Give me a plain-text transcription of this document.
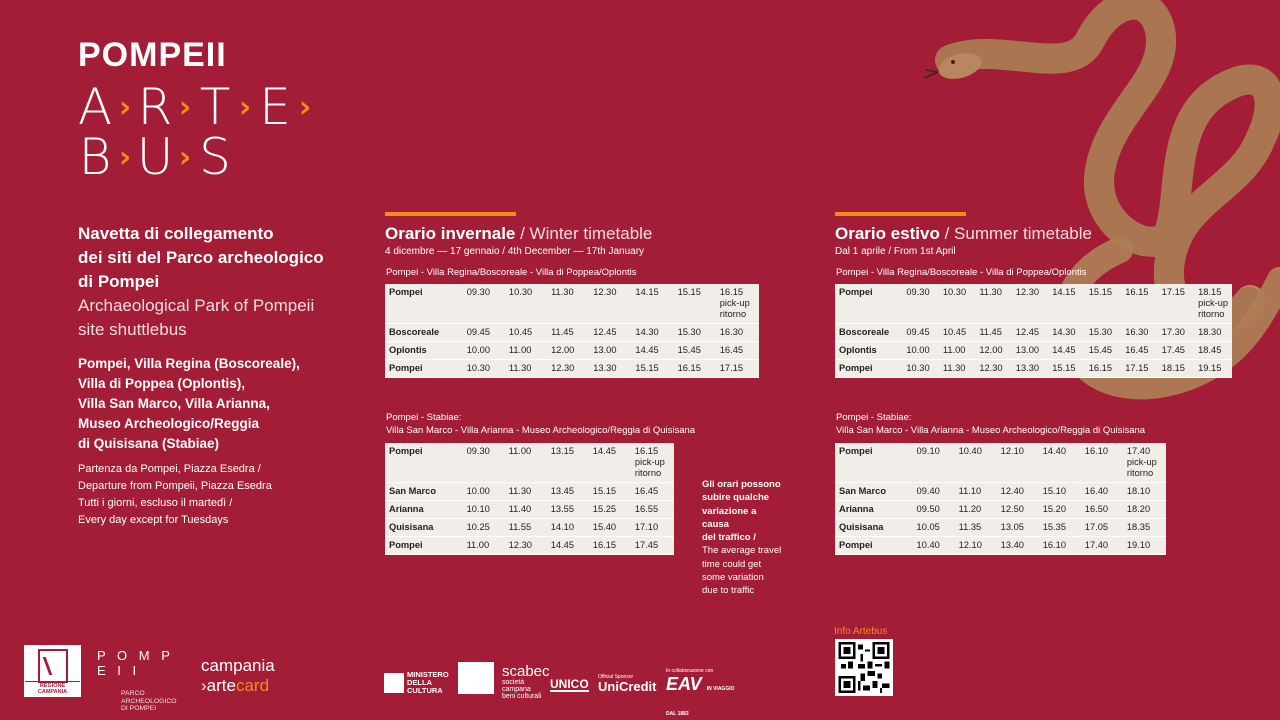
POMPEII
A › R › T › E ›
B › U › S
Navetta di collegamento
dei siti del Parco archeologico
di Pompei
Archaeological Park of Pompeii
site shuttlebus
Pompei, Villa Regina (Boscoreale),
Villa di Poppea (Oplontis),
Villa San Marco, Villa Arianna,
Museo Archeologico/Reggia
di Quisisana (Stabiae)
Partenza da Pompei, Piazza Esedra /
Departure from Pompeii, Piazza Esedra
Tutti i giorni, escluso il martedì /
Every day except for Tuesdays
Orario invernale / Winter timetable
4 dicembre — 17 gennaio / 4th December — 17th January
Pompei - Villa Regina/Boscoreale - Villa di Poppea/Oplontis
Pompei	09.30	10.30	11.30	12.30	14.15	15.15	16.15
pick-up
ritorno

Boscoreale	09.45	10.45	11.45	12.45	14.30	15.30	16.30

Oplontis	10.00	11.00	12.00	13.00	14.45	15.45	16.45

Pompei	10.30	11.30	12.30	13.30	15.15	16.15	17.15
Pompei - Stabiae:
Villa San Marco - Villa Arianna - Museo Archeologico/Reggia di Quisisana
Pompei	09.30	11.00	13.15	14.45	16.15
pick-up
ritorno

San Marco	10.00	11.30	13.45	15.15	16.45

Arianna	10.10	11.40	13.55	15.25	16.55

Quisisana	10.25	11.55	14.10	15.40	17.10

Pompei	11.00	12.30	14.45	16.15	17.45
Gli orari possono
subire qualche
variazione a causa
del traffico /
The average travel
time could get
some variation
due to traffic
Orario estivo / Summer timetable
Dal 1 aprile / From 1st April
Pompei - Villa Regina/Boscoreale - Villa di Poppea/Oplontis
Pompei	09.30	10.30	11.30	12.30	14.15	15.15	16.15	17.15	18.15
pick-up
ritorno

Boscoreale	09.45	10.45	11.45	12.45	14.30	15.30	16.30	17.30	18.30

Oplontis	10.00	11.00	12.00	13.00	14.45	15.45	16.45	17.45	18.45

Pompei	10.30	11.30	12.30	13.30	15.15	16.15	17.15	18.15	19.15
Pompei - Stabiae:
Villa San Marco - Villa Arianna - Museo Archeologico/Reggia di Quisisana
Pompei	09.10	10.40	12.10	14.40	16.10	17.40
pick-up
ritorno

San Marco	09.40	11.10	12.40	15.10	16.40	18.10

Arianna	09.50	11.20	12.50	15.20	16.50	18.20

Quisisana	10.05	11.35	13.05	15.35	17.05	18.35

Pompei	10.40	12.10	13.40	16.10	17.40	19.10
Info Artebus
REGIONE CAMPANIA
P O M P E I I
PARCO
ARCHEOLOGICO
DI POMPEI
campania
›artecard
MINISTERO
DELLA
CULTURA
scabec
società campana
beni culturali
UNICO Official Sponsor
UniCredit
In collaborazione con
EAV IN VIAGGIO DAL 1883
